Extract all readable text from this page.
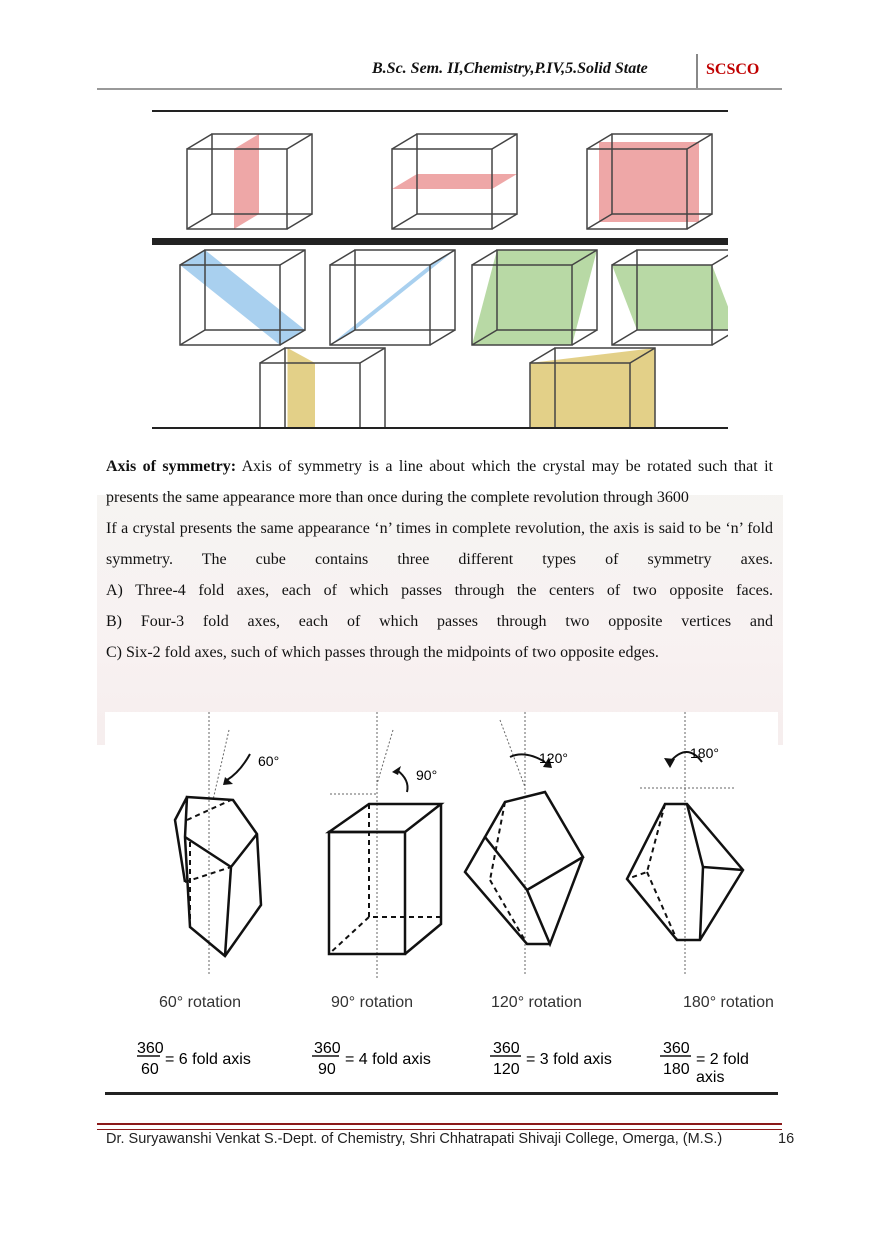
B.Sc. Sem. II,Chemistry,P.IV,5.Solid State	SCSCO

Axis of symmetry: Axis of symmetry is a line about which the crystal may be rotated such that it presents the same appearance more than once during the complete revolution through 3600

If a crystal presents the same appearance ‘n’ times in complete revolution, the axis is said to be ‘n’ fold symmetry. The cube contains three different types of symmetry axes.

A) Three-4 fold axes, each of which passes through the centers of two opposite faces.

B) Four-3 fold axes, each of which passes through two opposite vertices and

C) Six-2 fold axes, such of which passes through the midpoints of two opposite edges.

60°
90°
120°	180°
60° rotation	90° rotation	120° rotation	180° rotation
360
60
= 6 fold axis
360
90
= 4 fold axis
360
120
= 3 fold axis
360
180
= 2 fold axis
Dr. Suryawanshi Venkat S.-Dept. of Chemistry, Shri Chhatrapati Shivaji College, Omerga, (M.S.)	16
